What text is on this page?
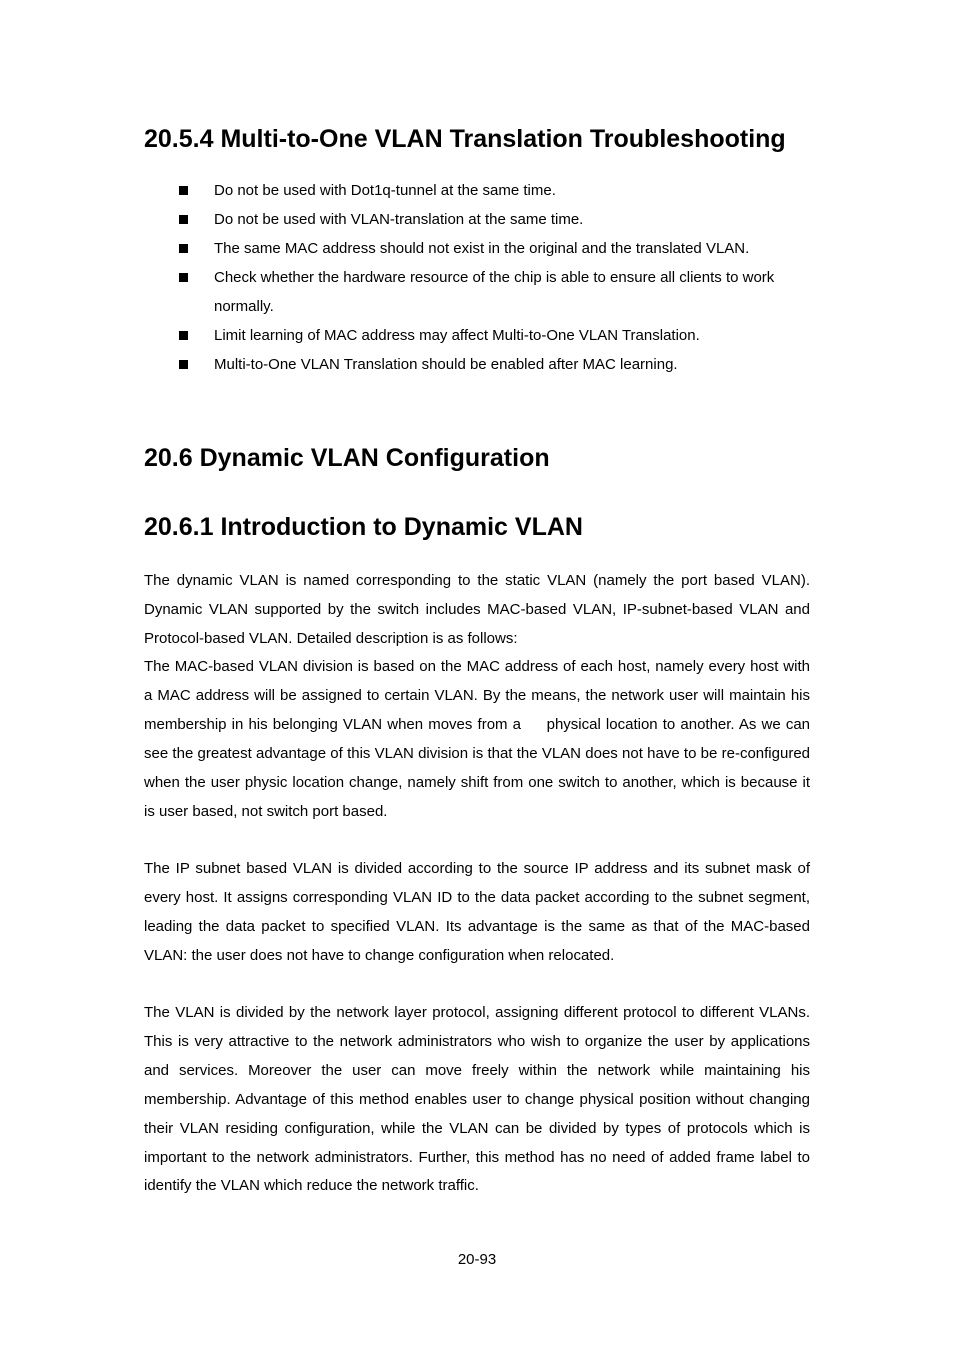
20.5.4 Multi-to-One VLAN Translation Troubleshooting
Do not be used with Dot1q-tunnel at the same time.
Do not be used with VLAN-translation at the same time.
The same MAC address should not exist in the original and the translated VLAN.
Check whether the hardware resource of the chip is able to ensure all clients to work normally.
Limit learning of MAC address may affect Multi-to-One VLAN Translation.
Multi-to-One VLAN Translation should be enabled after MAC learning.
20.6 Dynamic VLAN Configuration
20.6.1 Introduction to Dynamic VLAN

The dynamic VLAN is named corresponding to the static VLAN (namely the port based VLAN). Dynamic VLAN supported by the switch includes MAC-based VLAN, IP-subnet-based VLAN and Protocol-based VLAN. Detailed description is as follows:

The MAC-based VLAN division is based on the MAC address of each host, namely every host with a MAC address will be assigned to certain VLAN. By the means, the network user will maintain his membership in his belonging VLAN when moves from a     physical location to another. As we can see the greatest advantage of this VLAN division is that the VLAN does not have to be re-configured when the user physic location change, namely shift from one switch to another, which is because it is user based, not switch port based.

The IP subnet based VLAN is divided according to the source IP address and its subnet mask of every host. It assigns corresponding VLAN ID to the data packet according to the subnet segment, leading the data packet to specified VLAN. Its advantage is the same as that of the MAC-based VLAN: the user does not have to change configuration when relocated.

The VLAN is divided by the network layer protocol, assigning different protocol to different VLANs. This is very attractive to the network administrators who wish to organize the user by applications and services. Moreover the user can move freely within the network while maintaining his membership. Advantage of this method enables user to change physical position without changing their VLAN residing configuration, while the VLAN can be divided by types of protocols which is important to the network administrators. Further, this method has no need of added frame label to identify the VLAN which reduce the network traffic.

20-93
